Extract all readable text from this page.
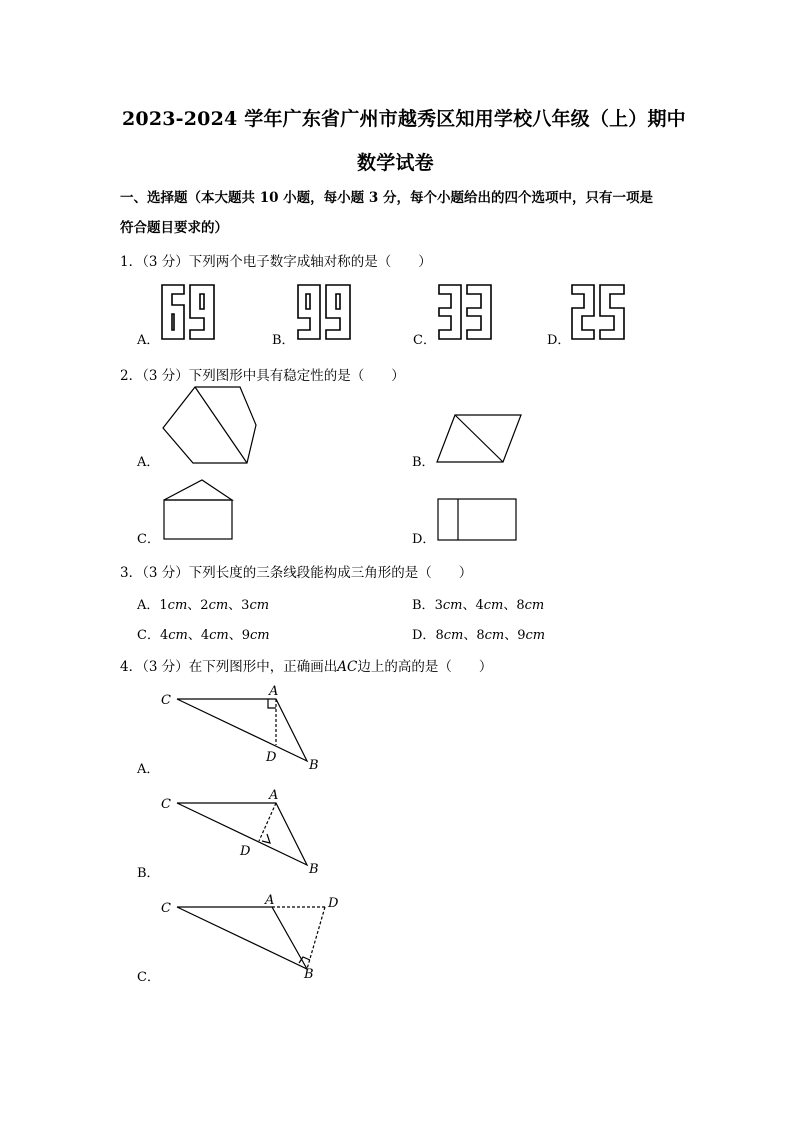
2023-2024 学年广东省广州市越秀区知用学校八年级（上）期中
数学试卷
一、选择题（本大题共 10 小题，每小题 3 分，每个小题给出的四个选项中，只有一项是
符合题目要求的）
1．（3 分）下列两个电子数字成轴对称的是（　　）
A．	B．	C．	D．
2．（3 分）下列图形中具有稳定性的是（　　）
A．	B．
C．	D．
3．（3 分）下列长度的三条线段能构成三角形的是（　　）
A．1cm、2cm、3cm	B．3cm、4cm、8cm
C．4cm、4cm、9cm	D．8cm、8cm、9cm
4．（3 分）在下列图形中，正确画出AC边上的高的是（　　）
A．
C
A
D
B
B．
C
A
D
B
C．
C
A	D
B
